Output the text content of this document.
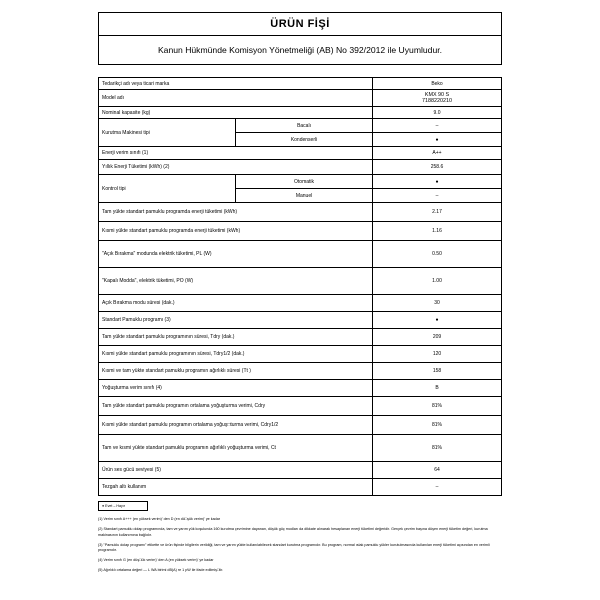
ÜRÜN FİŞİ
Kanun Hükmünde Komisyon Yönetmeliği (AB) No 392/2012 ile Uyumludur.
Tedarikçi adı veya ticari marka		Beko
Model adı		KMX 90 S
7188220210

Nominal kapasite (kg)		9.0
Kurutma Makinesi tipi	Bacalı	–
	Kondenserli	●
Enerji verim sınıfı (1)		A++
Yıllık Enerji Tüketimi (kWh) (2)		258.6
Kontrol tipi	Otomatik	●
	Manuel	–
Tam yükte standart pamuklu programda enerji tüketimi (kWh)		2.17
Kısmi yükte standart pamuklu programda enerji tüketimi (kWh)		1.16
"Açık Bırakma" modunda elektrik tüketimi, PL (W)		0.50
"Kapalı Modda", elektrik tüketimi, PO (W)		1.00
Açık Bırakma modu süresi (dak.)		30
Standart Pamuklu programı (3)		●
Tam yükte standart pamuklu programının süresi, Tdry (dak.)		209
Kısmi yükte standart pamuklu programının süresi, Tdry1/2 (dak.)		120
Kısmi ve tam yükte standart pamuklu programın ağırlıklı süresi (Tt )		158
Yoğuşturma verim sınıfı (4)		B
Tam yükte standart pamuklu programın ortalama yoğuşturma verimi, Cdry		81%
Kısmi yükte standart pamuklu programın ortalama yoğuş□turma verimi, Cdry1/2		81%
Tam ve kısmi yükte standart pamuklu programın ağırlıklı yoğuşturma verimi, Ct		81%
Ürün ses gücü seviyesi (5)		64
Tezgah altı kullanım		–
● Evet – Hayır

(1) Verim sınıfı A+++ (en yüksek verim)' den D (en dü□şük verim)' ye kadar

(2) Standart pamuklu dolap programında, tam ve yarım yük koşulunda 160 kurutma çevrimine dayanan, düşük güç modları da dikkate alınarak hesaplanan enerji tüketimi değeridir. Gerçek çevrim başına düşen enerji tüketim değeri, kurutma makinasının kullanımına bağlıdır.

(3) "Pamuklu dolap programı" etikette ve ürün fişinde bilgilerin verildiği, tam ve yarım yükte kullanılabilecek standart kurutma programıdır. Bu program, normal ıslak pamuklu yükler kurutulmasında kullanılan enerji tüketimi açısından en verimli programdır.

(4) Verim sınıfı G (en düş□ük verim)' den A (en yüksek verim)' ye kadar

(5) Ağırlıklı ortalama değeri — L WA birimi dB(A) re 1 pW ile ifade edilmiş□tir.
